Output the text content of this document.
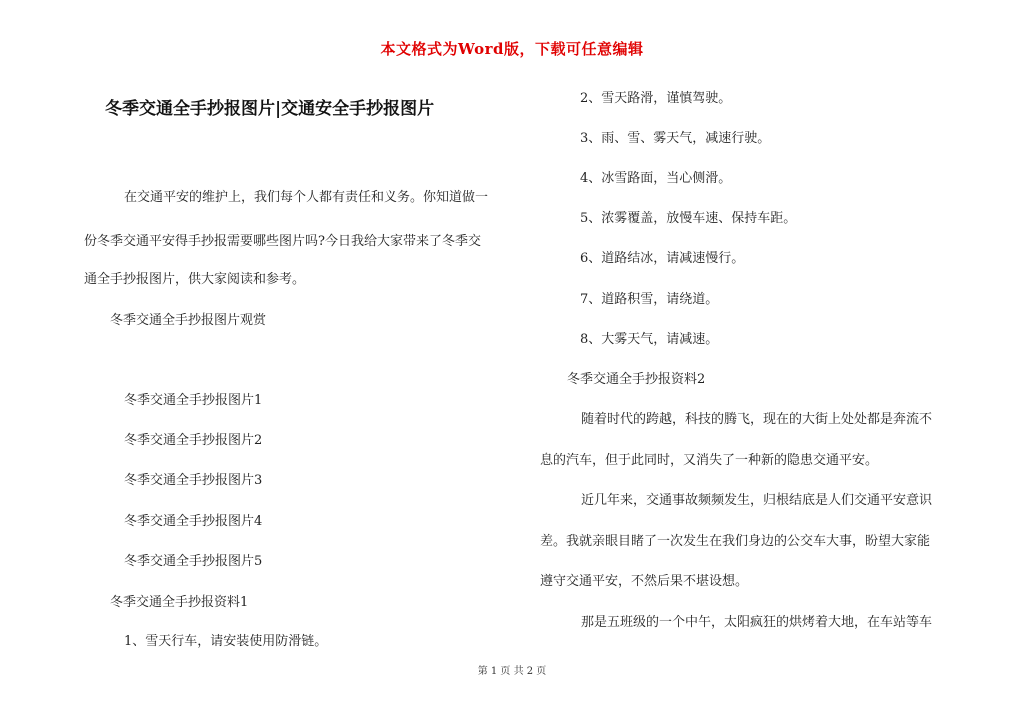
本文格式为Word版，下载可任意编辑
冬季交通全手抄报图片|交通安全手抄报图片
在交通平安的维护上，我们每个人都有责任和义务。你知道做一
份冬季交通平安得手抄报需要哪些图片吗?今日我给大家带来了冬季交
通全手抄报图片，供大家阅读和参考。
冬季交通全手抄报图片观赏
冬季交通全手抄报图片1
冬季交通全手抄报图片2
冬季交通全手抄报图片3
冬季交通全手抄报图片4
冬季交通全手抄报图片5
冬季交通全手抄报资料1
1、雪天行车，请安装使用防滑链。
2、雪天路滑，谨慎驾驶。
3、雨、雪、雾天气，减速行驶。
4、冰雪路面，当心侧滑。
5、浓雾覆盖，放慢车速、保持车距。
6、道路结冰，请减速慢行。
7、道路积雪，请绕道。
8、大雾天气，请减速。
冬季交通全手抄报资料2
随着时代的跨越，科技的腾飞，现在的大街上处处都是奔流不
息的汽车，但于此同时，又消失了一种新的隐患交通平安。
近几年来，交通事故频频发生，归根结底是人们交通平安意识
差。我就亲眼目睹了一次发生在我们身边的公交车大事，盼望大家能
遵守交通平安，不然后果不堪设想。
那是五班级的一个中午，太阳疯狂的烘烤着大地，在车站等车
第 1 页 共 2 页
